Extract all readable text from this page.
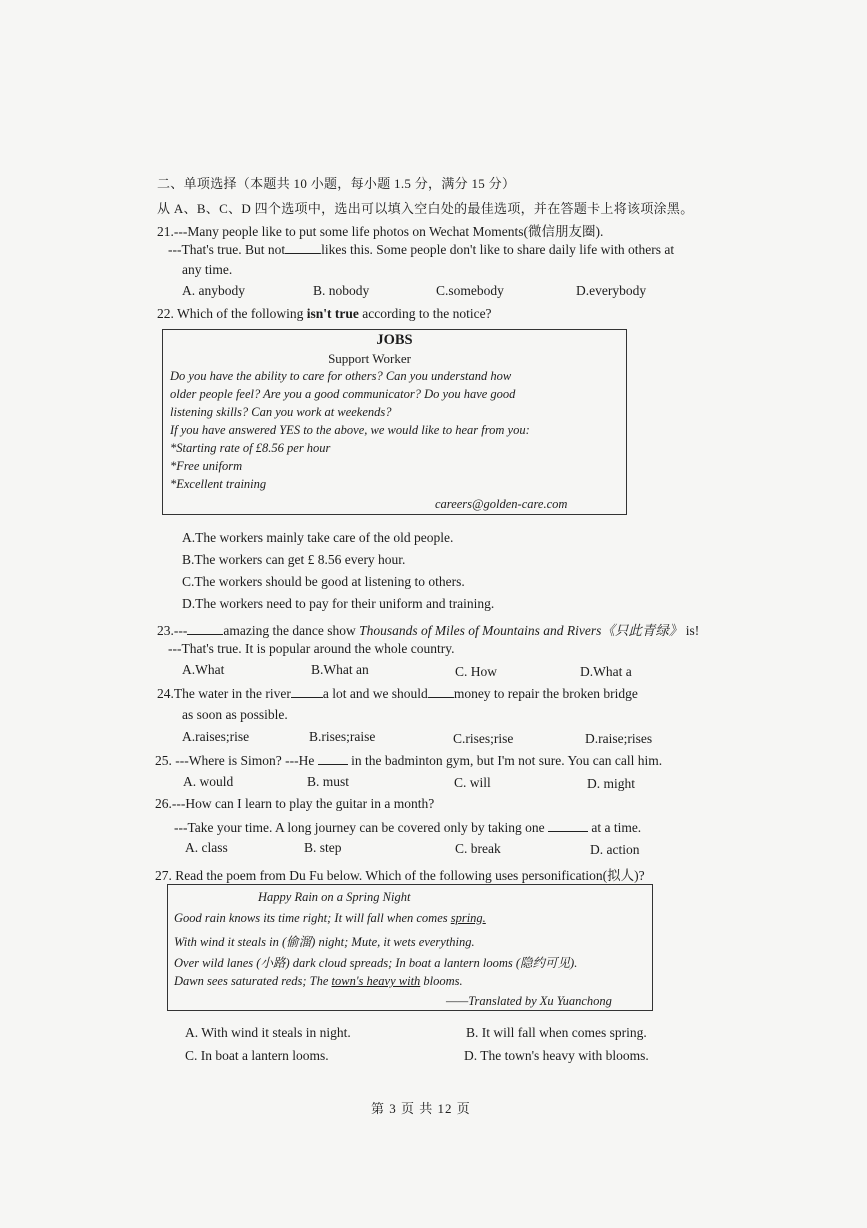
二、单项选择（本题共 10 小题，每小题 1.5 分，满分 15 分）
从 A、B、C、D 四个选项中，选出可以填入空白处的最佳选项，并在答题卡上将该项涂黑。
21.---Many people like to put some life photos on Wechat Moments(微信朋友圈).
---That's true. But not	likes this. Some people don't like to share daily life with others at
any time.
A. anybody	B. nobody	C.somebody	D.everybody
22. Which of the following isn't true according to the notice?
JOBS
Support Worker
Do you have the ability to care for others? Can you understand how
older people feel? Are you a good communicator? Do you have good
listening skills? Can you work at weekends?
If you have answered YES to the above, we would like to hear from you:
*Starting rate of £8.56 per hour
*Free uniform
*Excellent training
careers@golden-care.com
A.The workers mainly take care of the old people.
B.The workers can get £ 8.56 every hour.
C.The workers should be good at listening to others.
D.The workers need to pay for their uniform and training.
23.---	amazing the dance show Thousands of Miles of Mountains and Rivers《只此青绿》 is!
---That's true. It is popular around the whole country.
A.What	B.What an	C. How	D.What a
24.The water in the river a lot and we should money to repair the broken bridge
as soon as possible.
A.raises;rise	B.rises;raise	C.rises;rise	D.raise;rises
25. ---Where is Simon? ---He	in the badminton gym, but I'm not sure. You can call him.
A. would	B. must	C. will	D. might
26.---How can I learn to play the guitar in a month?
---Take your time. A long journey can be covered only by taking one	at a time.
A. class	B. step	C. break	D. action
27. Read the poem from Du Fu below. Which of the following uses personification(拟人)?
Happy Rain on a Spring Night
Good rain knows its time right; It will fall when comes spring.
With wind it steals in (偷溜) night; Mute, it wets everything.
Over wild lanes (小路) dark cloud spreads; In boat a lantern looms (隐约可见).
Dawn sees saturated reds; The town's heavy with blooms.
——Translated by Xu Yuanchong
A. With wind it steals in night.	B. It will fall when comes spring.
C. In boat a lantern looms.	D. The town's heavy with blooms.
第 3 页 共 12 页
